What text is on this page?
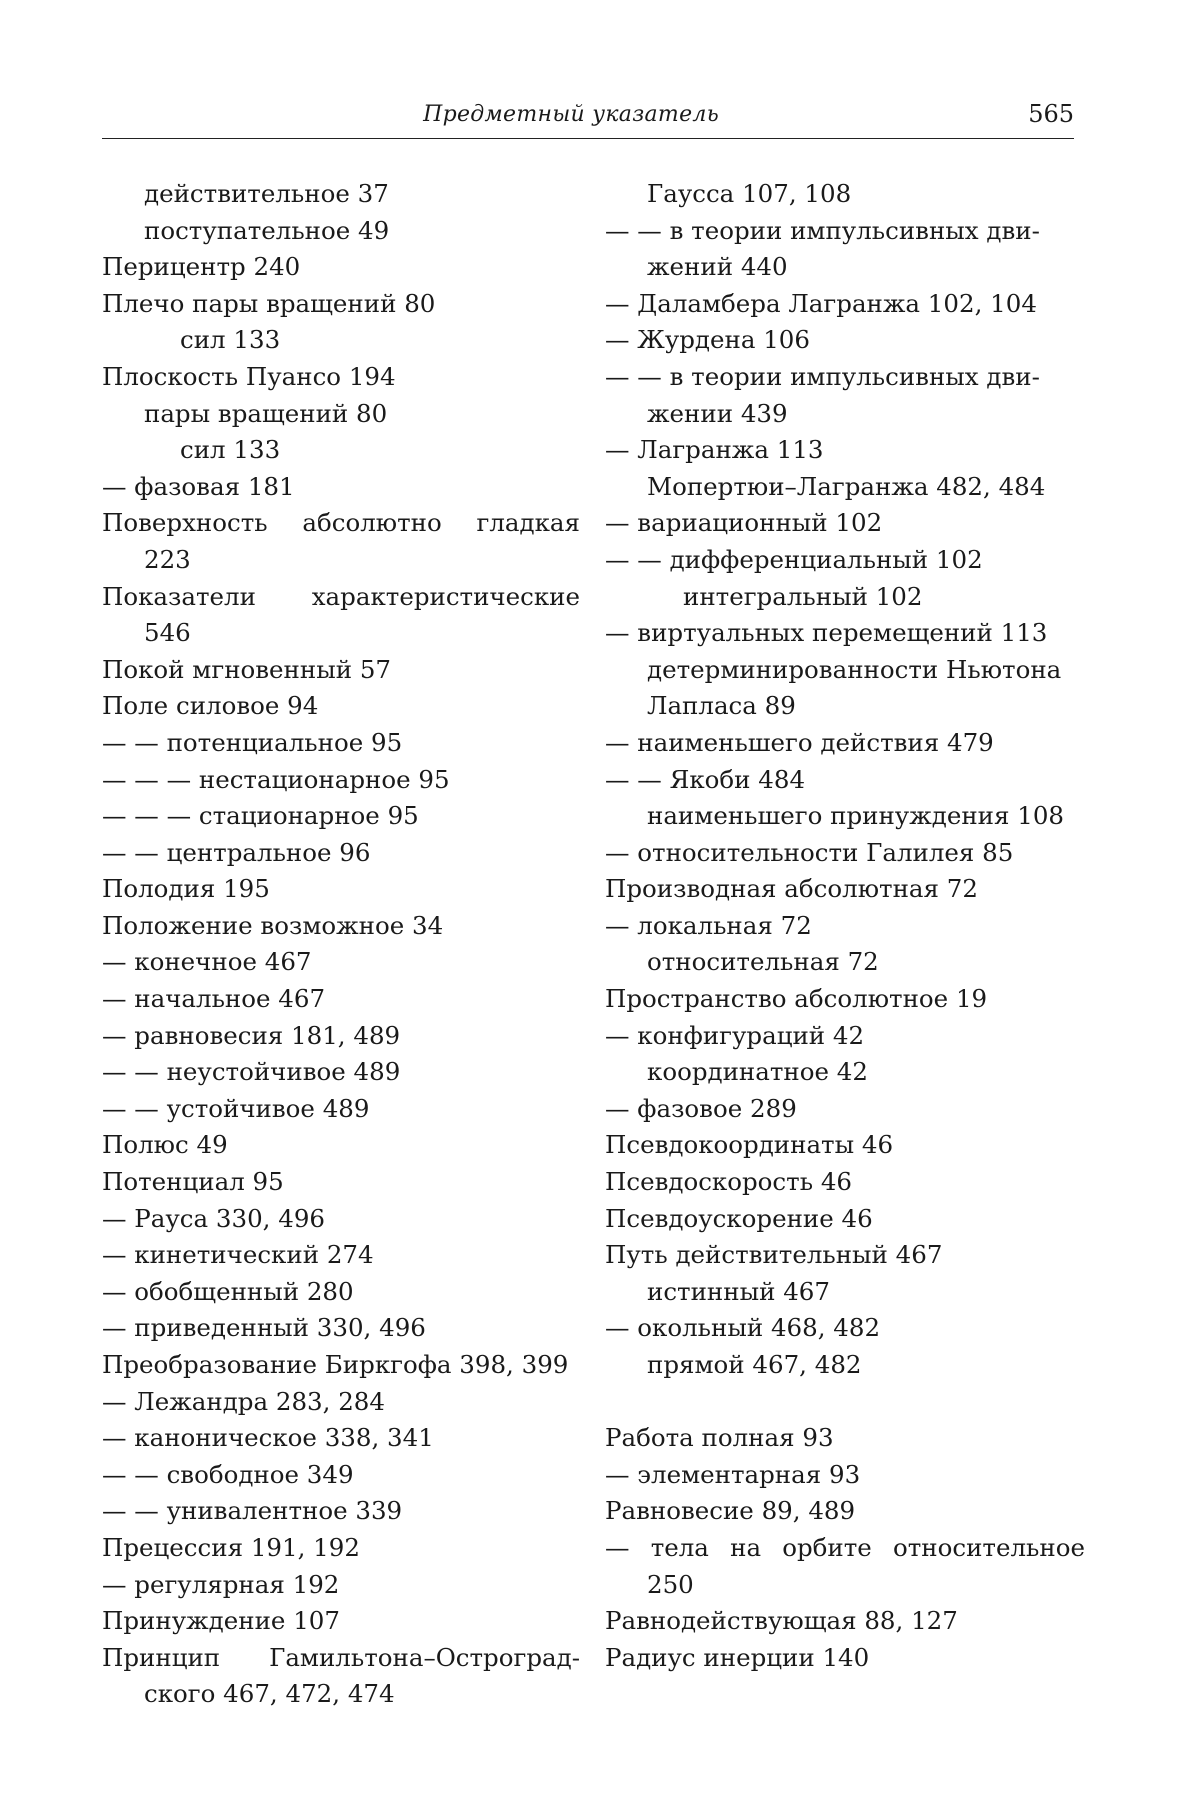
Предметный указатель	565
действительное 37
поступательное 49
Перицентр 240
Плечо пары вращений 80
сил 133
Плоскость Пуансо 194
пары вращений 80
сил 133
— фазовая 181
Поверхность абсолютно гладкая
223
Показатели характеристические
546
Покой мгновенный 57
Поле силовое 94
— — потенциальное 95
— — — нестационарное 95
— — — стационарное 95
— — центральное 96
Полодия 195
Положение возможное 34
— конечное 467
— начальное 467
— равновесия 181, 489
— — неустойчивое 489
— — устойчивое 489
Полюс 49
Потенциал 95
— Рауса 330, 496
— кинетический 274
— обобщенный 280
— приведенный 330, 496
Преобразование Биркгофа 398, 399
— Лежандра 283, 284
— каноническое 338, 341
— — свободное 349
— — унивалентное 339
Прецессия 191, 192
— регулярная 192
Принуждение 107
Принцип Гамильтона–Остроград-
ского 467, 472, 474
Гаусса 107, 108
— — в теории импульсивных дви-
жений 440
— Даламбера Лагранжа 102, 104
— Журдена 106
— — в теории импульсивных дви-
жении 439
— Лагранжа 113
Мопертюи–Лагранжа 482, 484
— вариационный 102
— — дифференциальный 102
интегральный 102
— виртуальных перемещений 113
детерминированности Ньютона
Лапласа 89
— наименьшего действия 479
— — Якоби 484
наименьшего принуждения 108
— относительности Галилея 85
Производная абсолютная 72
— локальная 72
относительная 72
Пространство абсолютное 19
— конфигураций 42
координатное 42
— фазовое 289
Псевдокоординаты 46
Псевдоскорость 46
Псевдоускорение 46
Путь действительный 467
истинный 467
— окольный 468, 482
прямой 467, 482
Работа полная 93
— элементарная 93
Равновесие 89, 489
— тела на орбите относительное
250
Равнодействующая 88, 127
Радиус инерции 140
